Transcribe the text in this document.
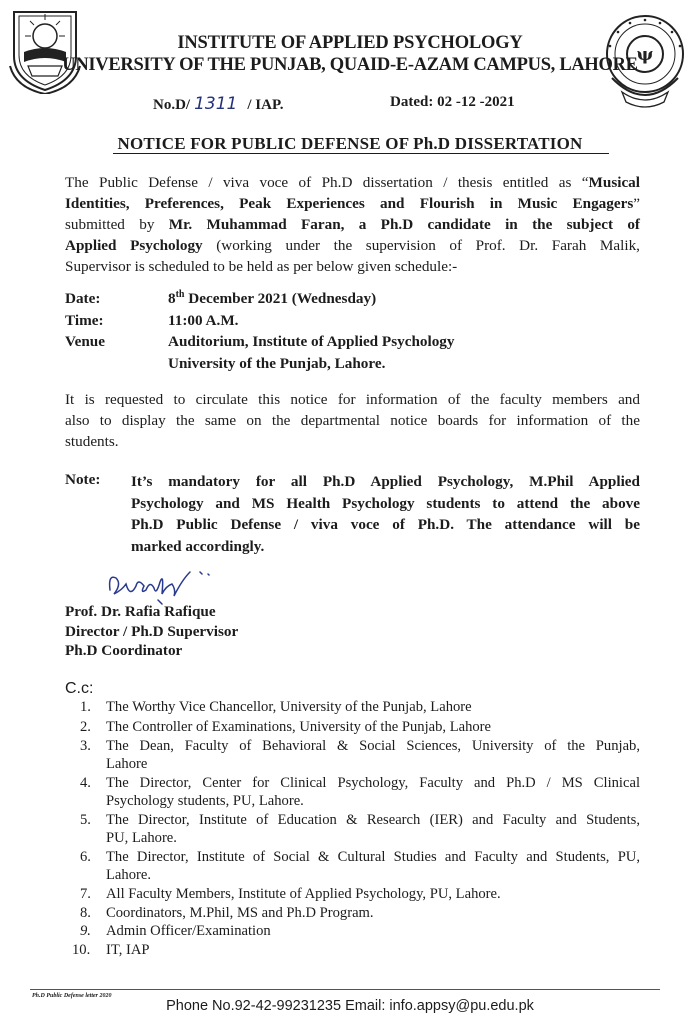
ψ
INSTITUTE OF APPLIED PSYCHOLOGY
UNIVERSITY OF THE PUNJAB, QUAID-E-AZAM CAMPUS, LAHORE
No.D/ 1311 / IAP.	Dated: 02 -12 -2021
NOTICE FOR PUBLIC DEFENSE OF Ph.D DISSERTATION
The Public Defense / viva voce of Ph.D dissertation / thesis entitled as “Musical
Identities, Preferences, Peak Experiences and Flourish in Music Engagers”
submitted by Mr. Muhammad Faran, a Ph.D candidate in the subject of
Applied Psychology (working under the supervision of Prof. Dr. Farah Malik,
Supervisor is scheduled to be held as per below given schedule:-
Date:	8th December 2021 (Wednesday)
Time:	11:00 A.M.
Venue	Auditorium, Institute of Applied Psychology
University of the Punjab, Lahore.
It is requested to circulate this notice for information of the faculty members and
also to display the same on the departmental notice boards for information of the
students.
Note: It’s mandatory for all Ph.D Applied Psychology, M.Phil Applied
Psychology and MS Health Psychology students to attend the above
Ph.D Public Defense / viva voce of Ph.D. The attendance will be
marked accordingly.
Prof. Dr. Rafia Rafique
Director / Ph.D Supervisor
Ph.D Coordinator
C.c:
1.	The Worthy Vice Chancellor, University of the Punjab, Lahore
2.	The Controller of Examinations, University of the Punjab, Lahore
3.	The Dean, Faculty of Behavioral & Social Sciences, University of the Punjab,
Lahore
4.	The Director, Center for Clinical Psychology, Faculty and Ph.D / MS Clinical
Psychology students, PU, Lahore.
5.	The Director, Institute of Education & Research (IER) and Faculty and Students,
PU, Lahore.
6.	The Director, Institute of Social & Cultural Studies and Faculty and Students, PU,
Lahore.
7.	All Faculty Members, Institute of Applied Psychology, PU, Lahore.
8.	Coordinators, M.Phil, MS and Ph.D Program.
9.	Admin Officer/Examination
10. IT, IAP
Ph.D Public Defense letter 2020
Phone No.92-42-99231235 Email: info.appsy@pu.edu.pk
